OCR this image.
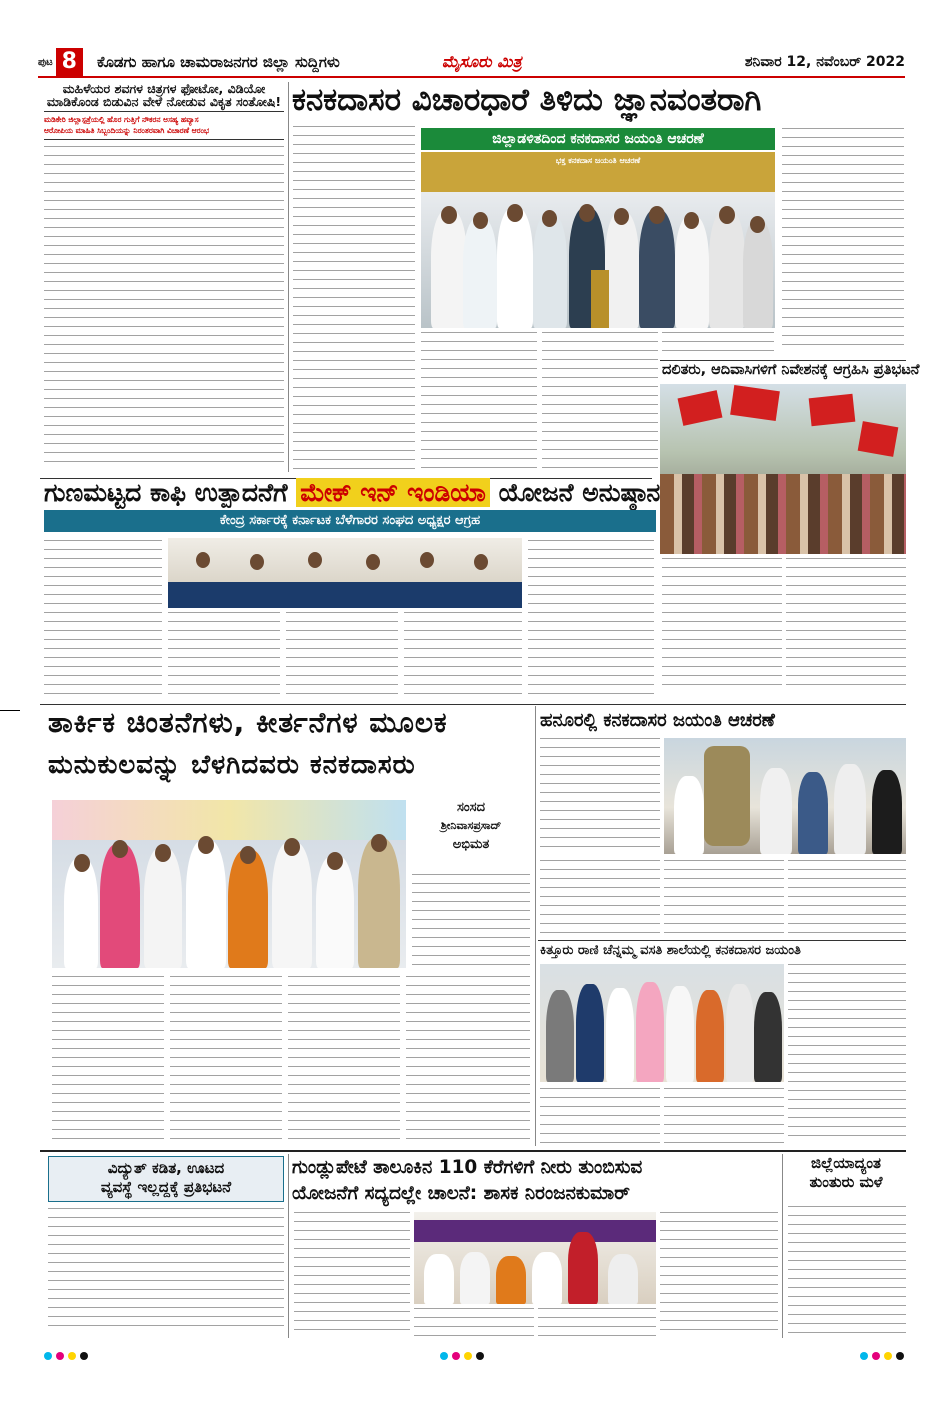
ಪುಟ 8	ಕೊಡಗು ಹಾಗೂ ಚಾಮರಾಜನಗರ ಜಿಲ್ಲಾ ಸುದ್ದಿಗಳು	ಮೈಸೂರು ಮಿತ್ರ	ಶನಿವಾರ 12, ನವೆಂಬರ್ 2022
ಮಹಿಳೆಯರ ಶವಗಳ ಚಿತ್ರಗಳ ಫೋಟೋ, ವಿಡಿಯೋ ಮಾಡಿಕೊಂಡ ಬಿಡುವಿನ ವೇಳೆ ನೋಡುವ ವಿಕೃತ ಸಂತೋಷಿ!
ಮಡಿಕೇರಿ ಜಿಲ್ಲಾಸ್ಪತ್ರೆಯಲ್ಲಿ ಹೊರ ಗುತ್ತಿಗೆ ನೌಕರನ ಅಸಹ್ಯ ಹವ್ಯಾಸ
ಆರೋಪಿಯ ಮಾಹಿತಿ ಸಿಬ್ಬಂದಿಯನ್ನು ನಿರಂತರವಾಗಿ ವಿಚಾರಣೆ ಆರಂಭ
ಕನಕದಾಸರ ವಿಚಾರಧಾರೆ ತಿಳಿದು ಜ್ಞಾನವಂತರಾಗಿ
ಜಿಲ್ಲಾಡಳಿತದಿಂದ ಕನಕದಾಸರ ಜಯಂತಿ ಆಚರಣೆ
ಭಕ್ತ ಕನಕದಾಸ ಜಯಂತಿ ಆಚರಣೆ
ದಲಿತರು, ಆದಿವಾಸಿಗಳಿಗೆ ನಿವೇಶನಕ್ಕೆ ಆಗ್ರಹಿಸಿ ಪ್ರತಿಭಟನೆ
ಗುಣಮಟ್ಟದ ಕಾಫಿ ಉತ್ಪಾದನೆಗೆ ಮೇಕ್ ಇನ್ ಇಂಡಿಯಾ ಯೋಜನೆ ಅನುಷ್ಠಾನ
ಕೇಂದ್ರ ಸರ್ಕಾರಕ್ಕೆ ಕರ್ನಾಟಕ ಬೆಳೆಗಾರರ ಸಂಘದ ಅಧ್ಯಕ್ಷರ ಆಗ್ರಹ
ತಾರ್ಕಿಕ ಚಿಂತನೆಗಳು, ಕೀರ್ತನೆಗಳ ಮೂಲಕ
ಮನುಕುಲವನ್ನು ಬೆಳಗಿದವರು ಕನಕದಾಸರು
ಸಂಸದ
ಶ್ರೀನಿವಾಸಪ್ರಸಾದ್
ಅಭಿಮತ
ಹನೂರಲ್ಲಿ ಕನಕದಾಸರ ಜಯಂತಿ ಆಚರಣೆ
ಕಿತ್ತೂರು ರಾಣಿ ಚೆನ್ನಮ್ಮ ವಸತಿ ಶಾಲೆಯಲ್ಲಿ ಕನಕದಾಸರ ಜಯಂತಿ
ವಿದ್ಯುತ್ ಕಡಿತ, ಊಟದ
ವ್ಯವಸ್ಥೆ ಇಲ್ಲದ್ದಕ್ಕೆ ಪ್ರತಿಭಟನೆ
ಗುಂಡ್ಲುಪೇಟೆ ತಾಲೂಕಿನ 110 ಕೆರೆಗಳಿಗೆ ನೀರು ತುಂಬಿಸುವ
ಯೋಜನೆಗೆ ಸದ್ಯದಲ್ಲೇ ಚಾಲನೆ: ಶಾಸಕ ನಿರಂಜನಕುಮಾರ್
ಜಿಲ್ಲೆಯಾದ್ಯಂತ
ತುಂತುರು ಮಳೆ
